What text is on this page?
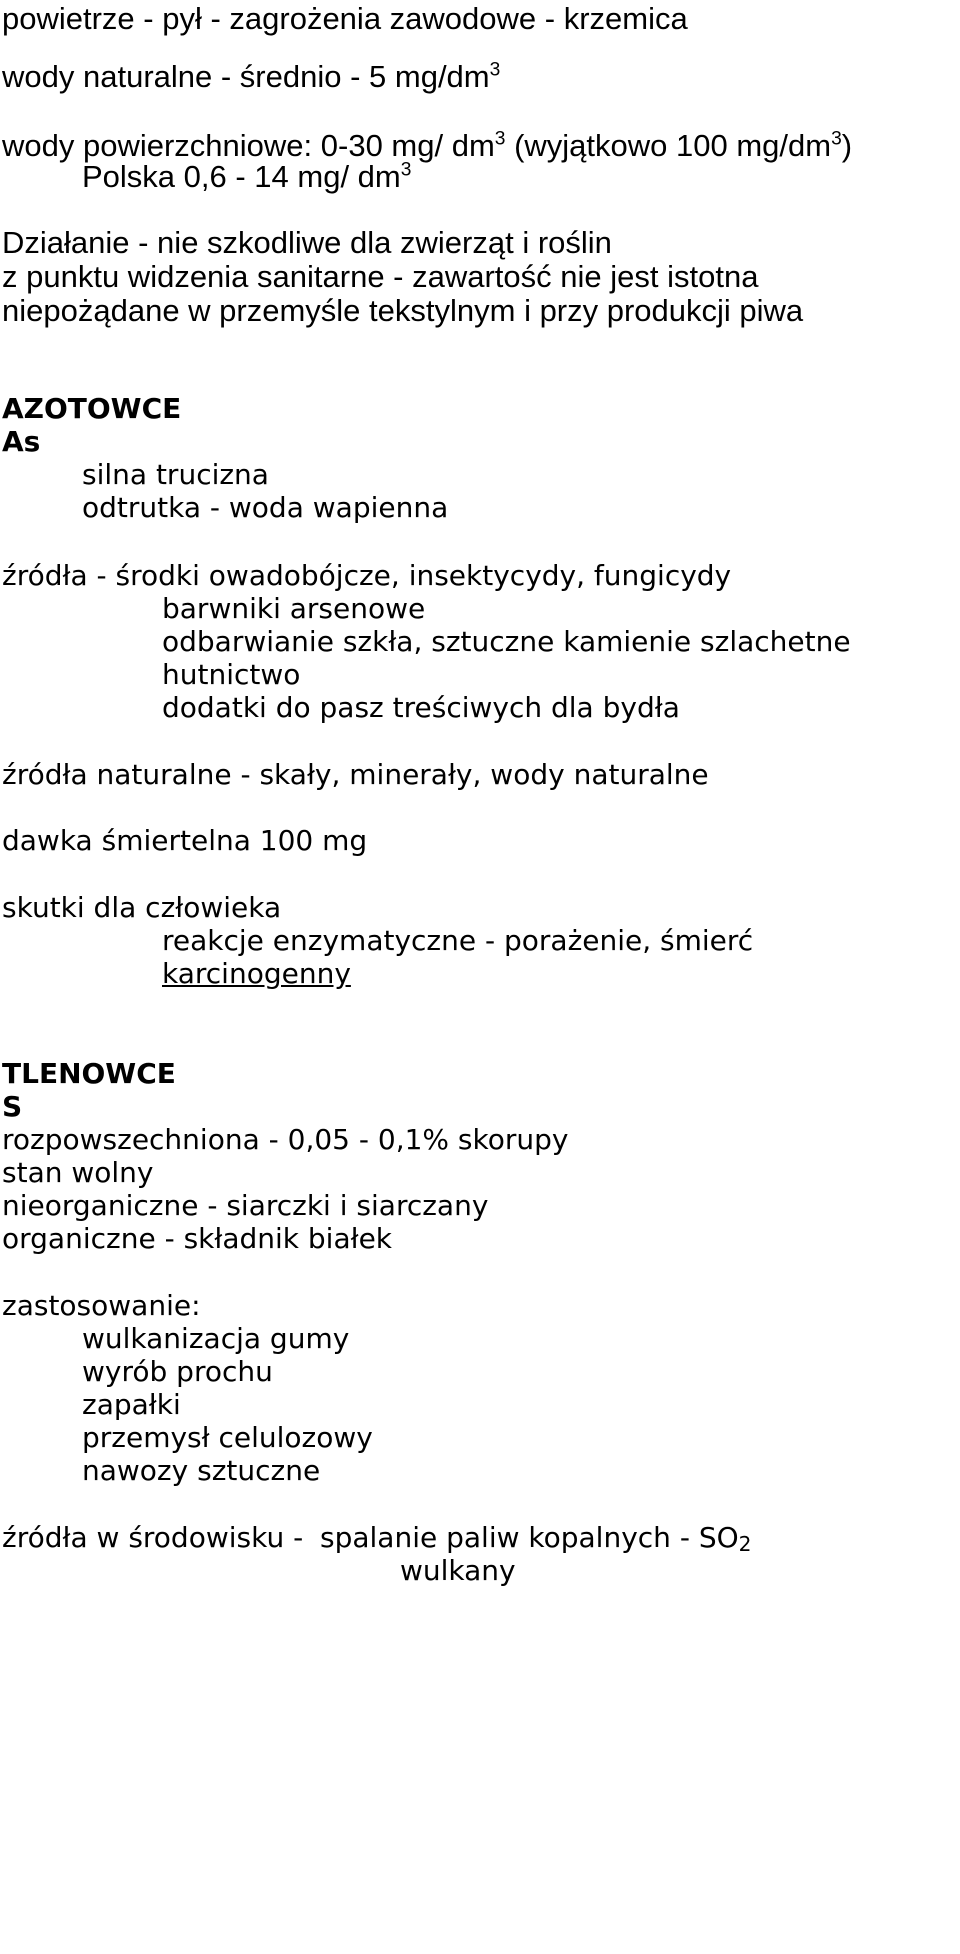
powietrze - pył - zagrożenia zawodowe - krzemica
wody naturalne - średnio - 5 $mg/dm^3$
wody powierzchniowe: 0-30 mg/ $dm^3$ (wyjątkowo 100 $mg/dm^3$)
Polska 0,6 - 14 mg/ $dm^3$
Działanie - nie szkodliwe dla zwierząt i roślin
z punktu widzenia sanitarne - zawartość nie jest istotna
niepożądane w przemyśle tekstylnym i przy produkcji piwa
AZOTOWCE
As
silna trucizna
odtrutka - woda wapienna
źródła - środki owadobójcze, insektycydy, fungicydy
barwniki arsenowe
odbarwianie szkła, sztuczne kamienie szlachetne
hutnictwo
dodatki do pasz treściwych dla bydła
źródła naturalne - skały, minerały, wody naturalne
dawka śmiertelna 100 mg
skutki dla człowieka
reakcje enzymatyczne - porażenie, śmierć
karcinogenny
TLENOWCE
S
rozpowszechniona - 0,05 - 0,1% skorupy
stan wolny
nieorganiczne - siarczki i siarczany
organiczne - składnik białek
zastosowanie:
wulkanizacja gumy
wyrób prochu
zapałki
przemysł celulozowy
nawozy sztuczne
źródła w środowisku - spalanie paliw kopalnych - $SO_2$
wulkany
